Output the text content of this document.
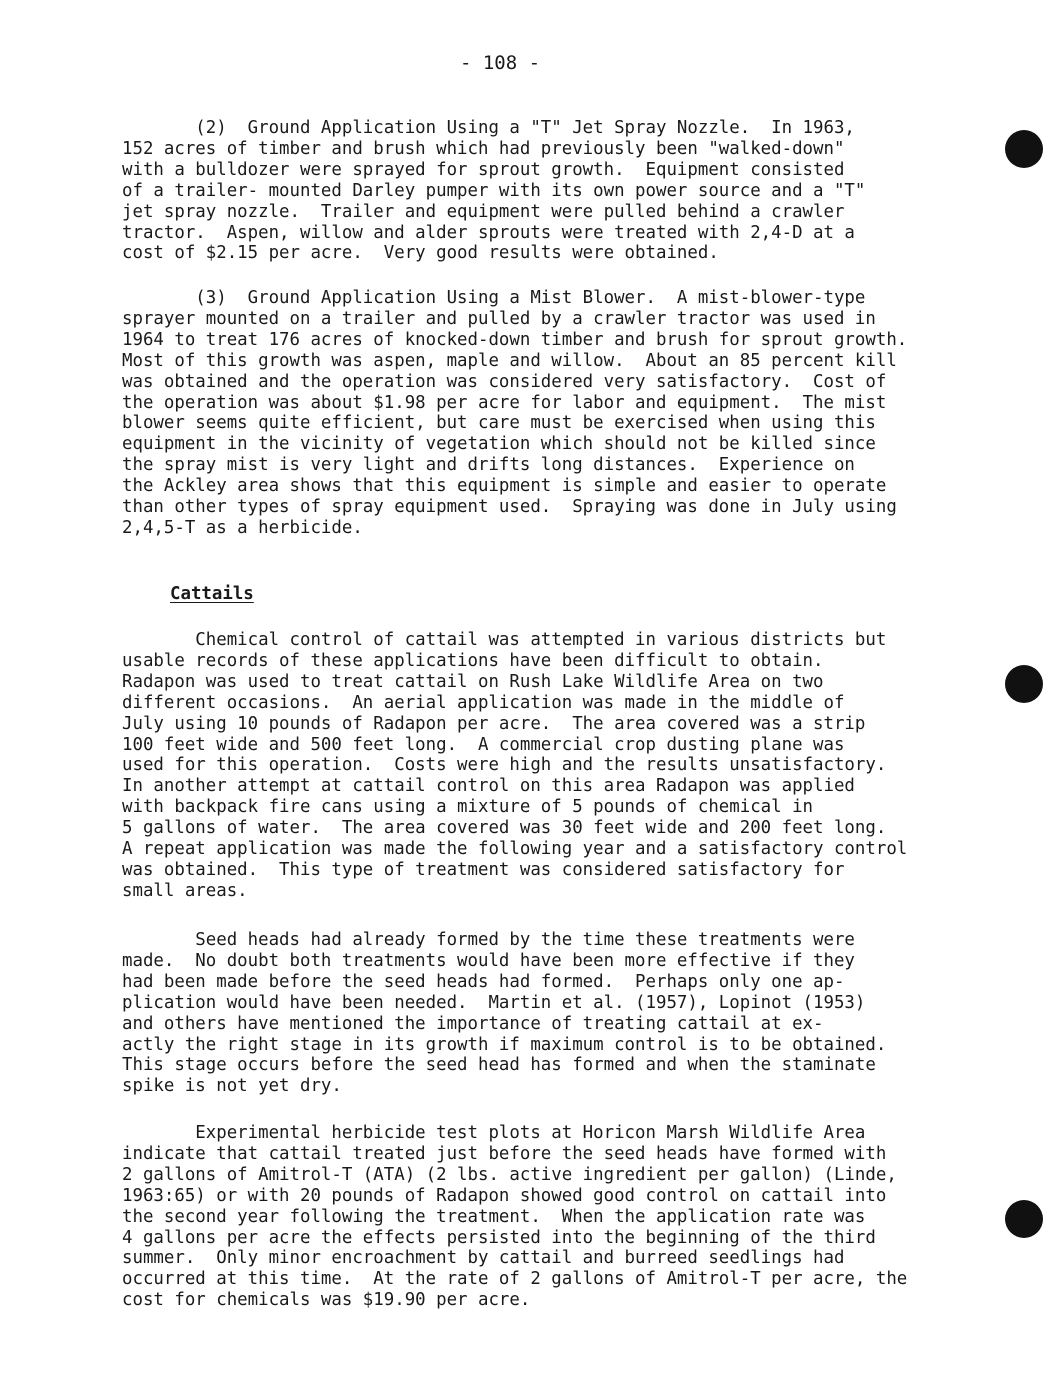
- 108 -

(2)  Ground Application Using a "T" Jet Spray Nozzle.  In 1963,
152 acres of timber and brush which had previously been "walked-down"
with a bulldozer were sprayed for sprout growth.  Equipment consisted
of a trailer- mounted Darley pumper with its own power source and a "T"
jet spray nozzle.  Trailer and equipment were pulled behind a crawler
tractor.  Aspen, willow and alder sprouts were treated with 2,4-D at a
cost of $2.15 per acre.  Very good results were obtained.

(3)  Ground Application Using a Mist Blower.  A mist-blower-type
sprayer mounted on a trailer and pulled by a crawler tractor was used in
1964 to treat 176 acres of knocked-down timber and brush for sprout growth.
Most of this growth was aspen, maple and willow.  About an 85 percent kill
was obtained and the operation was considered very satisfactory.  Cost of
the operation was about $1.98 per acre for labor and equipment.  The mist
blower seems quite efficient, but care must be exercised when using this
equipment in the vicinity of vegetation which should not be killed since
the spray mist is very light and drifts long distances.  Experience on
the Ackley area shows that this equipment is simple and easier to operate
than other types of spray equipment used.  Spraying was done in July using
2,4,5-T as a herbicide.

Cattails

Chemical control of cattail was attempted in various districts but
usable records of these applications have been difficult to obtain.
Radapon was used to treat cattail on Rush Lake Wildlife Area on two
different occasions.  An aerial application was made in the middle of
July using 10 pounds of Radapon per acre.  The area covered was a strip
100 feet wide and 500 feet long.  A commercial crop dusting plane was
used for this operation.  Costs were high and the results unsatisfactory.
In another attempt at cattail control on this area Radapon was applied
with backpack fire cans using a mixture of 5 pounds of chemical in
5 gallons of water.  The area covered was 30 feet wide and 200 feet long.
A repeat application was made the following year and a satisfactory control
was obtained.  This type of treatment was considered satisfactory for
small areas.

Seed heads had already formed by the time these treatments were
made.  No doubt both treatments would have been more effective if they
had been made before the seed heads had formed.  Perhaps only one ap-
plication would have been needed.  Martin et al. (1957), Lopinot (1953)
and others have mentioned the importance of treating cattail at ex-
actly the right stage in its growth if maximum control is to be obtained.
This stage occurs before the seed head has formed and when the staminate
spike is not yet dry.

Experimental herbicide test plots at Horicon Marsh Wildlife Area
indicate that cattail treated just before the seed heads have formed with
2 gallons of Amitrol-T (ATA) (2 lbs. active ingredient per gallon) (Linde,
1963:65) or with 20 pounds of Radapon showed good control on cattail into
the second year following the treatment.  When the application rate was
4 gallons per acre the effects persisted into the beginning of the third
summer.  Only minor encroachment by cattail and burreed seedlings had
occurred at this time.  At the rate of 2 gallons of Amitrol-T per acre, the
cost for chemicals was $19.90 per acre.
